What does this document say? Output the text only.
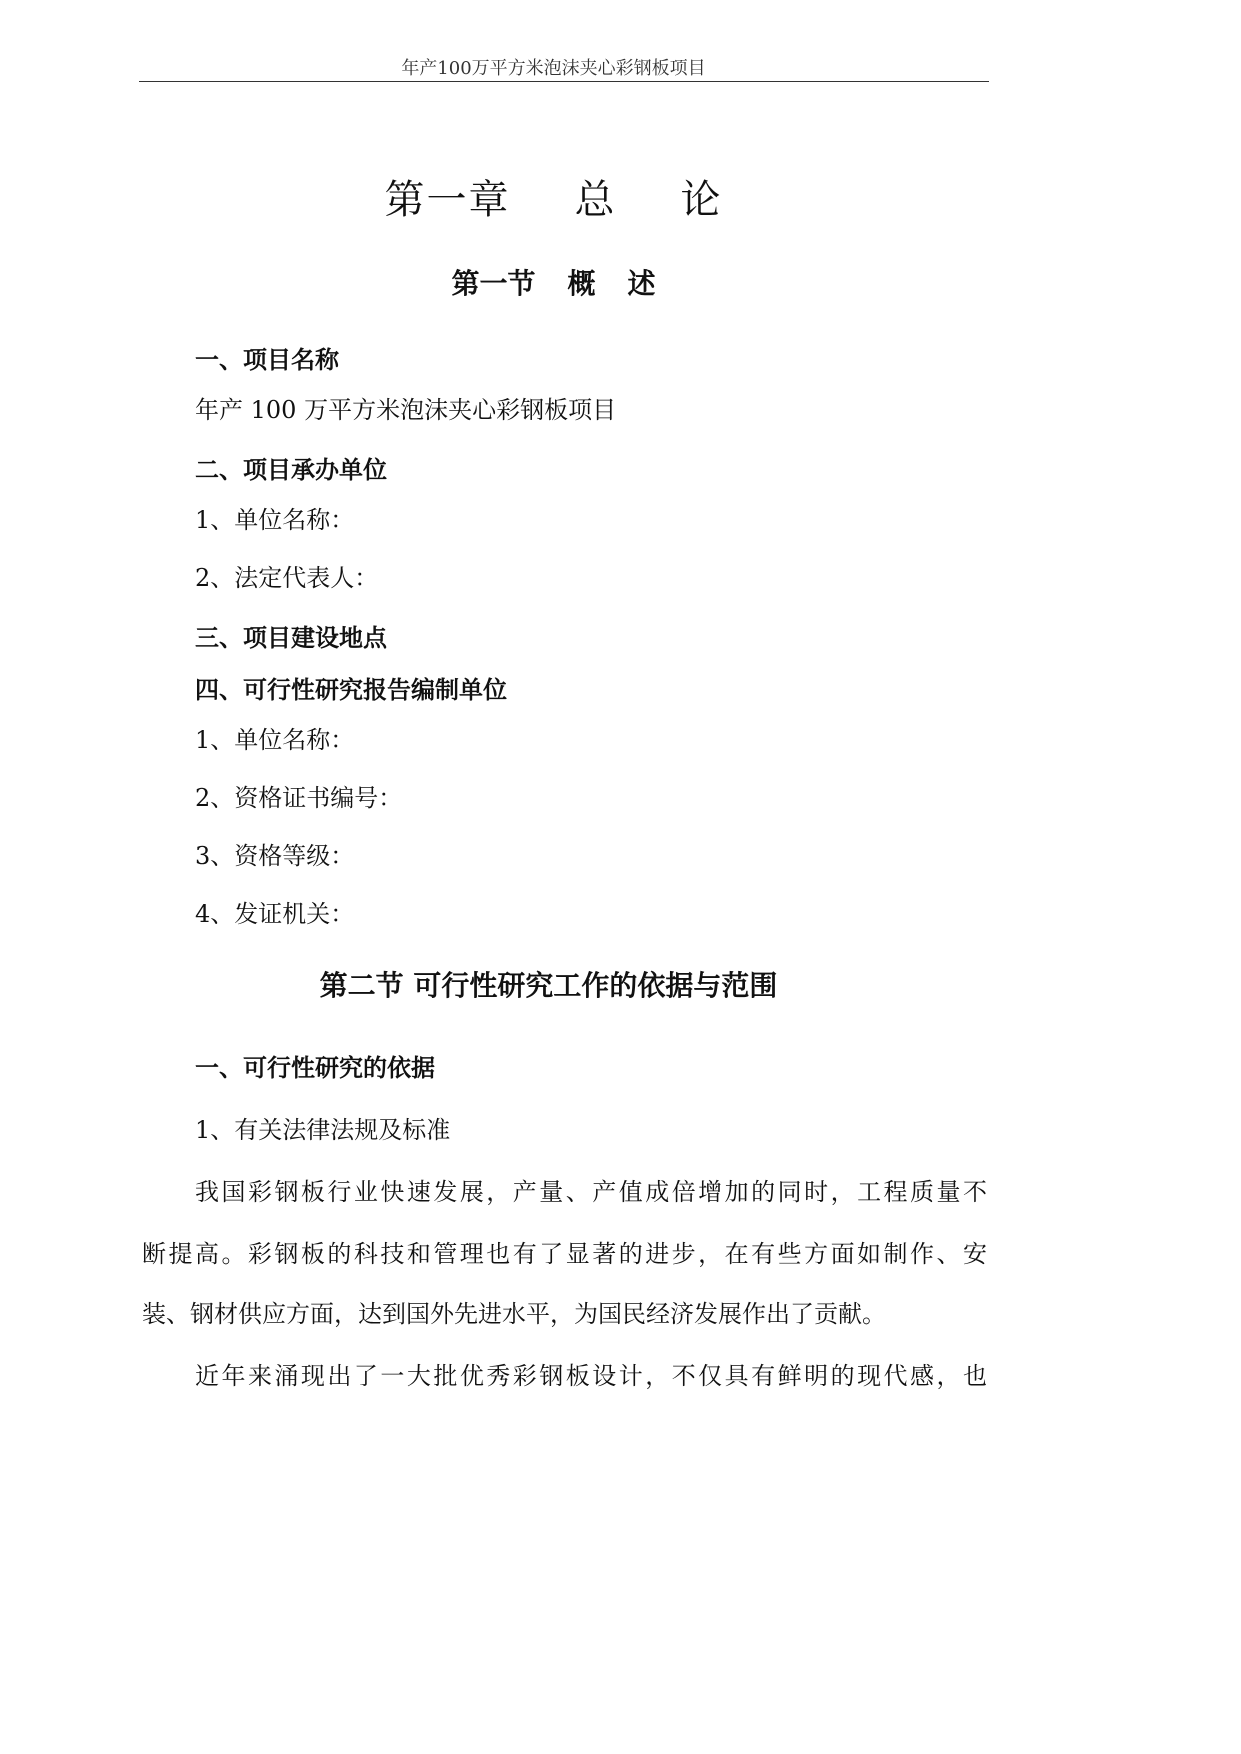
年产100万平方米泡沫夹心彩钢板项目
第一章 总 论
第一节 概 述
一、项目名称
年产 100 万平方米泡沫夹心彩钢板项目
二、项目承办单位
1、单位名称：
2、法定代表人：
三、项目建设地点
四、可行性研究报告编制单位
1、单位名称：
2、资格证书编号：
3、资格等级：
4、发证机关：
第二节 可行性研究工作的依据与范围
一、可行性研究的依据
1、有关法律法规及标准
我国彩钢板行业快速发展，产量、产值成倍增加的同时，工程质量不
断提高。彩钢板的科技和管理也有了显著的进步，在有些方面如制作、安
装、钢材供应方面，达到国外先进水平，为国民经济发展作出了贡献。
近年来涌现出了一大批优秀彩钢板设计，不仅具有鲜明的现代感，也
